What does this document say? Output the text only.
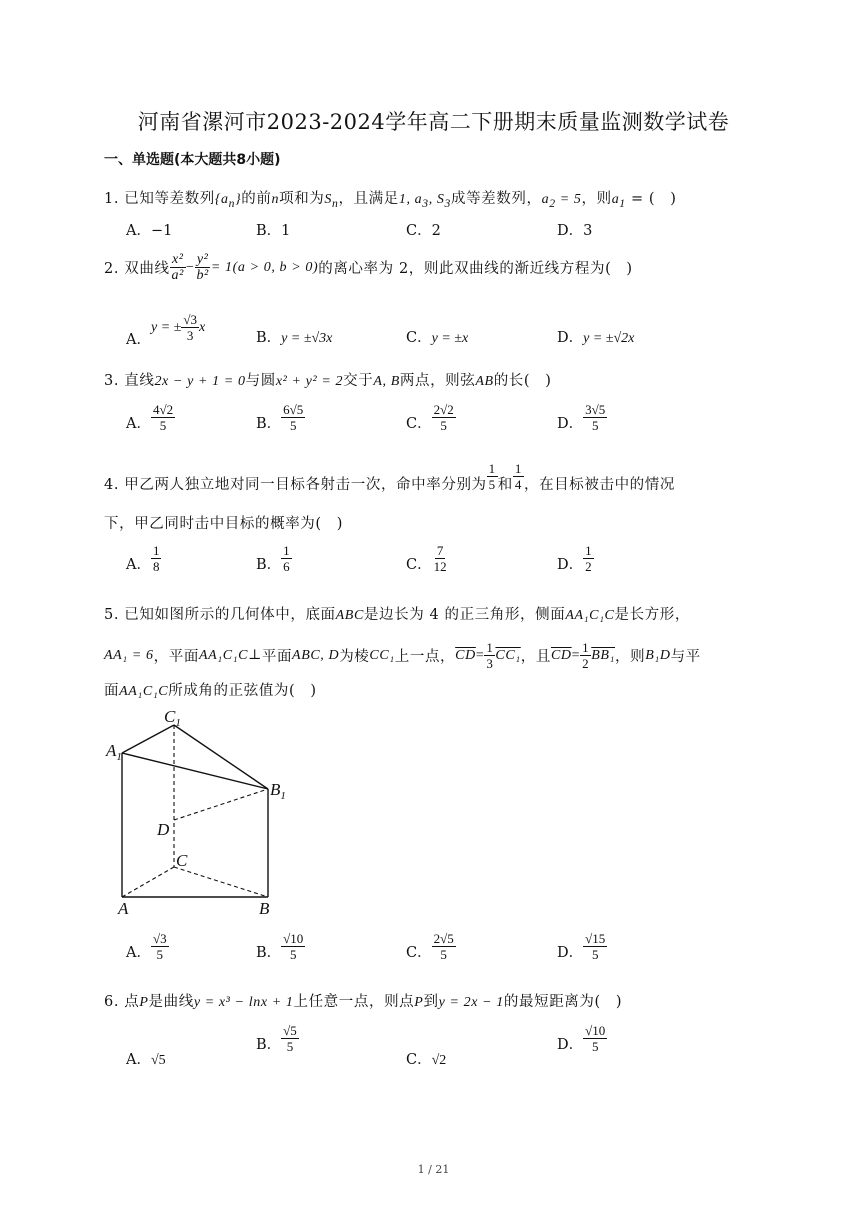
河南省漯河市2023-2024学年高二下册期末质量监测数学试卷
一、单选题(本大题共8小题)
1. 已知等差数列$\{a_n\}$的前n项和为$S_n$，且满足1, $a_3$, $S_3$成等差数列，$a_2 = 5$，则$a_1$ = (　)
A．−1	B．1	C．2	D．3
2. 双曲线 $\frac{\text{x²}}{\text{a²}} - \frac{\text{y²}}{\text{b²}} = 1(a > 0$, b > 0) 的离心率为 2，则此双曲线的渐近线方程为(　)
A．
y = ± $\frac{√3}{3}$ x
B．y = ±√3x	C．y = ±x	D．y = ±√2x
3. 直线2x − y + 1 = 0与圆x² + y² = 2交于A, B两点，则弦AB的长(　)
A． $\frac{4√2}{5}$	B． $\frac{6√5}{5}$	C． $\frac{2√2}{5}$	D． $\frac{3√5}{5}$
4. 甲乙两人独立地对同一目标各射击一次，命中率分别为 $\frac{1}{5}$ 和 $\frac{1}{4}$ ，在目标被击中的情况
下，甲乙同时击中目标的概率为(　)
A． $\frac{1}{8}$	B． $\frac{1}{6}$	C． $\frac{7}{12}$	D． $\frac{1}{2}$
5. 已知如图所示的几何体中，底面ABC是边长为 4 的正三角形，侧面AA₁C₁C是长方形，
AA₁ = 6 ，平面 AA₁C₁C ⊥ 平面 ABC, D 为棱 CC₁ 上一点， $\overline{CD} = \frac{1}{3} CC_1$ ，且 $\overline{CD} = \frac{1}{2} BB_1$ ，则 B₁D 与平
面AA₁C₁C所成角的正弦值为(　)
$C_1$
$A_1$
$B_1$
D
C
A	B
A． $\frac{√3}{5}$	B． $\frac{√10}{5}$	C． $\frac{2√5}{5}$	D． $\frac{√15}{5}$
6. 点P是曲线y = x³ − lnx + 1上任意一点，则点P到y = 2x − 1的最短距离为(　)
A．√5
B． $\frac{√5}{5}$
C．√2
D． $\frac{√10}{5}$
1 / 21
